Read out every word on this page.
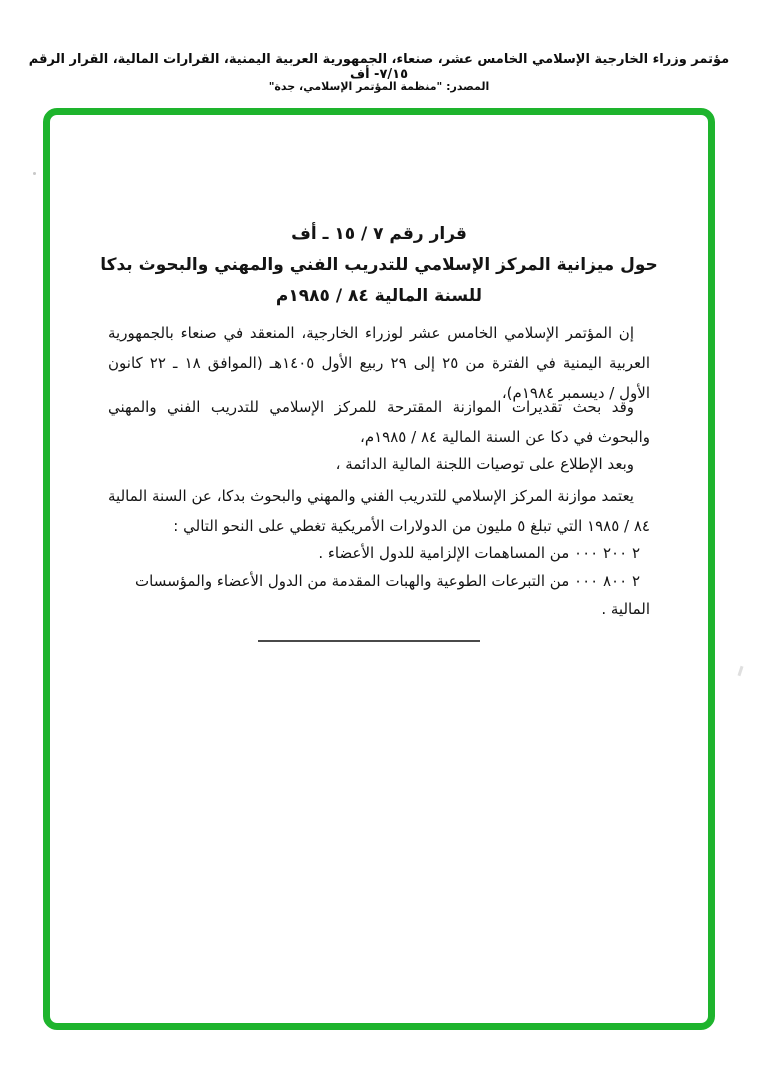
مؤتمر وزراء الخارجية الإسلامي الخامس عشر، صنعاء، الجمهورية العربية اليمنية، القرارات المالية، القرار الرقم ٧/١٥- أف
المصدر: "منظمة المؤتمر الإسلامي، جدة"
قرار رقم ٧ / ١٥ ـ أف
حول ميزانية المركز الإسلامي للتدريب الفني والمهني والبحوث بدكا
للسنة المالية ٨٤ / ١٩٨٥م

إن المؤتمر الإسلامي الخامس عشر لوزراء الخارجية، المنعقد في صنعاء بالجمهورية العربية اليمنية في الفترة من ٢٥ إلى ٢٩ ربيع الأول ١٤٠٥هـ (الموافق ١٨ ـ ٢٢ كانون الأول / ديسمبر ١٩٨٤م)،

وقد بحث تقديرات الموازنة المقترحة للمركز الإسلامي للتدريب الفني والمهني والبحوث في دكا عن السنة المالية ٨٤ / ١٩٨٥م،

وبعد الإطلاع على توصيات اللجنة المالية الدائمة ،

يعتمد موازنة المركز الإسلامي للتدريب الفني والمهني والبحوث بدكا، عن السنة المالية ٨٤ / ١٩٨٥ التي تبلغ ٥ مليون من الدولارات الأمريكية تغطي على النحو التالي :

٢ ٢٠٠ ٠٠٠ من المساهمات الإلزامية للدول الأعضاء .
٢ ٨٠٠ ٠٠٠ من التبرعات الطوعية والهبات المقدمة من الدول الأعضاء والمؤسسات المالية .
